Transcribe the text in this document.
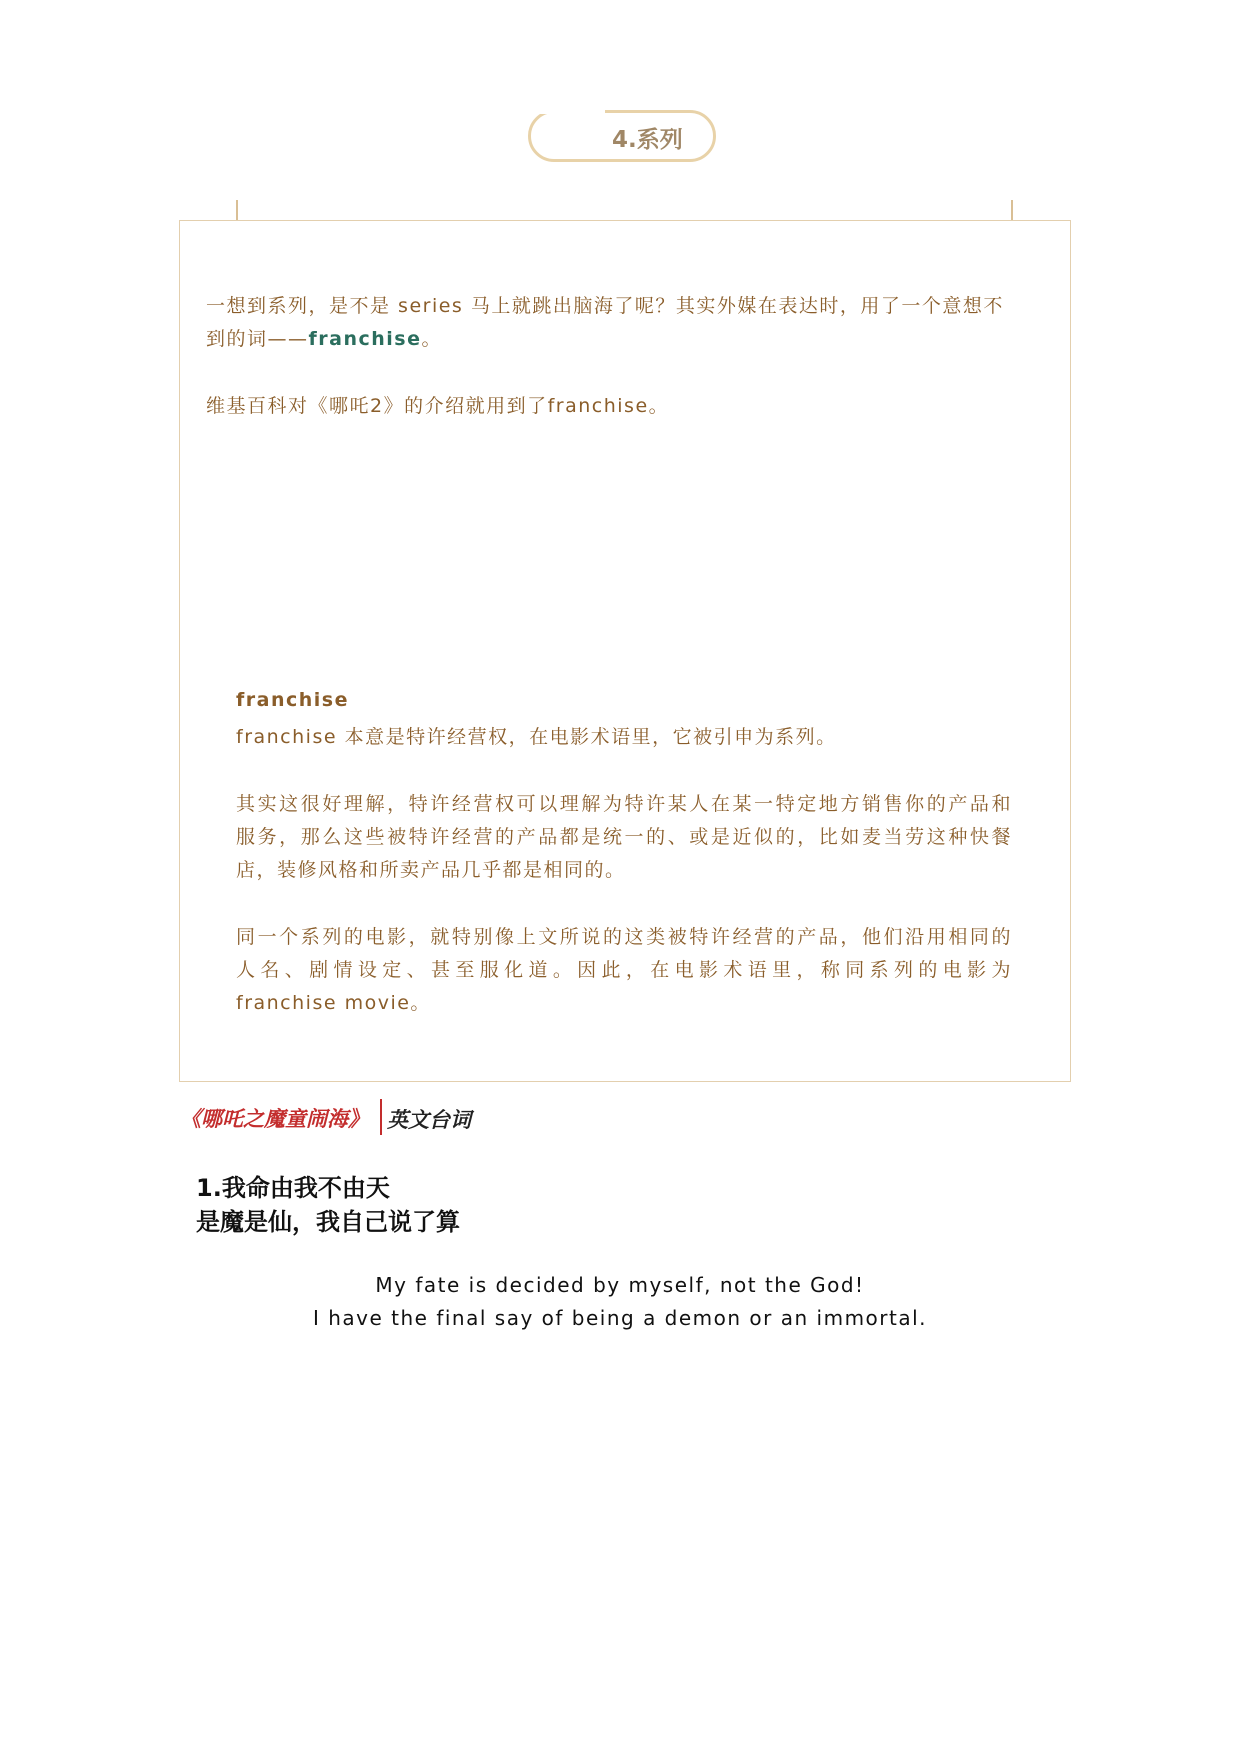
4.系列
一想到系列，是不是 series 马上就跳出脑海了呢？其实外媒在表达时，用了一个意想不
到的词——franchise。
维基百科对《哪吒2》的介绍就用到了franchise。
franchise
franchise 本意是特许经营权，在电影术语里，它被引申为系列。
其实这很好理解，特许经营权可以理解为特许某人在某一特定地方销售你的产品和
服务，那么这些被特许经营的产品都是统一的、或是近似的，比如麦当劳这种快餐
店，装修风格和所卖产品几乎都是相同的。
同一个系列的电影，就特别像上文所说的这类被特许经营的产品，他们沿用相同的
人名、剧情设定、甚至服化道。因此，在电影术语里，称同系列的电影为
franchise movie。
《哪吒之魔童闹海》 英文台词
1.我命由我不由天
是魔是仙，我自己说了算
My fate is decided by myself, not the God!
I have the final say of being a demon or an immortal.
